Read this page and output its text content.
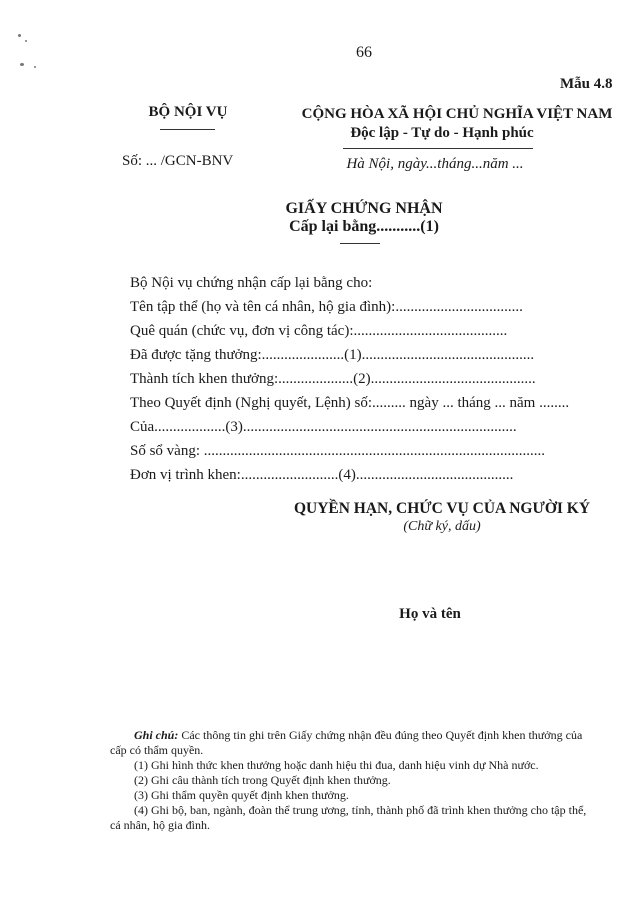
66
Mẫu 4.8
BỘ NỘI VỤ
Số: ... /GCN-BNV
CỘNG HÒA XÃ HỘI CHỦ NGHĨA VIỆT NAM
Độc lập - Tự do - Hạnh phúc
Hà Nội, ngày...tháng...năm ...
GIẤY CHỨNG NHẬN
Cấp lại bằng...........(1)
Bộ Nội vụ chứng nhận cấp lại bằng cho:
Tên tập thể (họ và tên cá nhân, hộ gia đình):..................................
Quê quán (chức vụ, đơn vị công tác):.........................................
Đã được tặng thưởng:......................(1)..............................................
Thành tích khen thưởng:....................(2)............................................
Theo Quyết định (Nghị quyết, Lệnh) số:......... ngày ... tháng ... năm ........
Của...................(3).........................................................................
Số sổ vàng: ...........................................................................................
Đơn vị trình khen:..........................(4)..........................................
QUYỀN HẠN, CHỨC VỤ CỦA NGƯỜI KÝ
(Chữ ký, dấu)
Họ và tên
Ghi chú: Các thông tin ghi trên Giấy chứng nhận đều đúng theo Quyết định khen thưởng của
cấp có thẩm quyền.
(1) Ghi hình thức khen thưởng hoặc danh hiệu thi đua, danh hiệu vinh dự Nhà nước.
(2) Ghi câu thành tích trong Quyết định khen thưởng.
(3) Ghi thẩm quyền quyết định khen thưởng.
(4) Ghi bộ, ban, ngành, đoàn thể trung ương, tỉnh, thành phố đã trình khen thưởng cho tập thể,
cá nhân, hộ gia đình.
